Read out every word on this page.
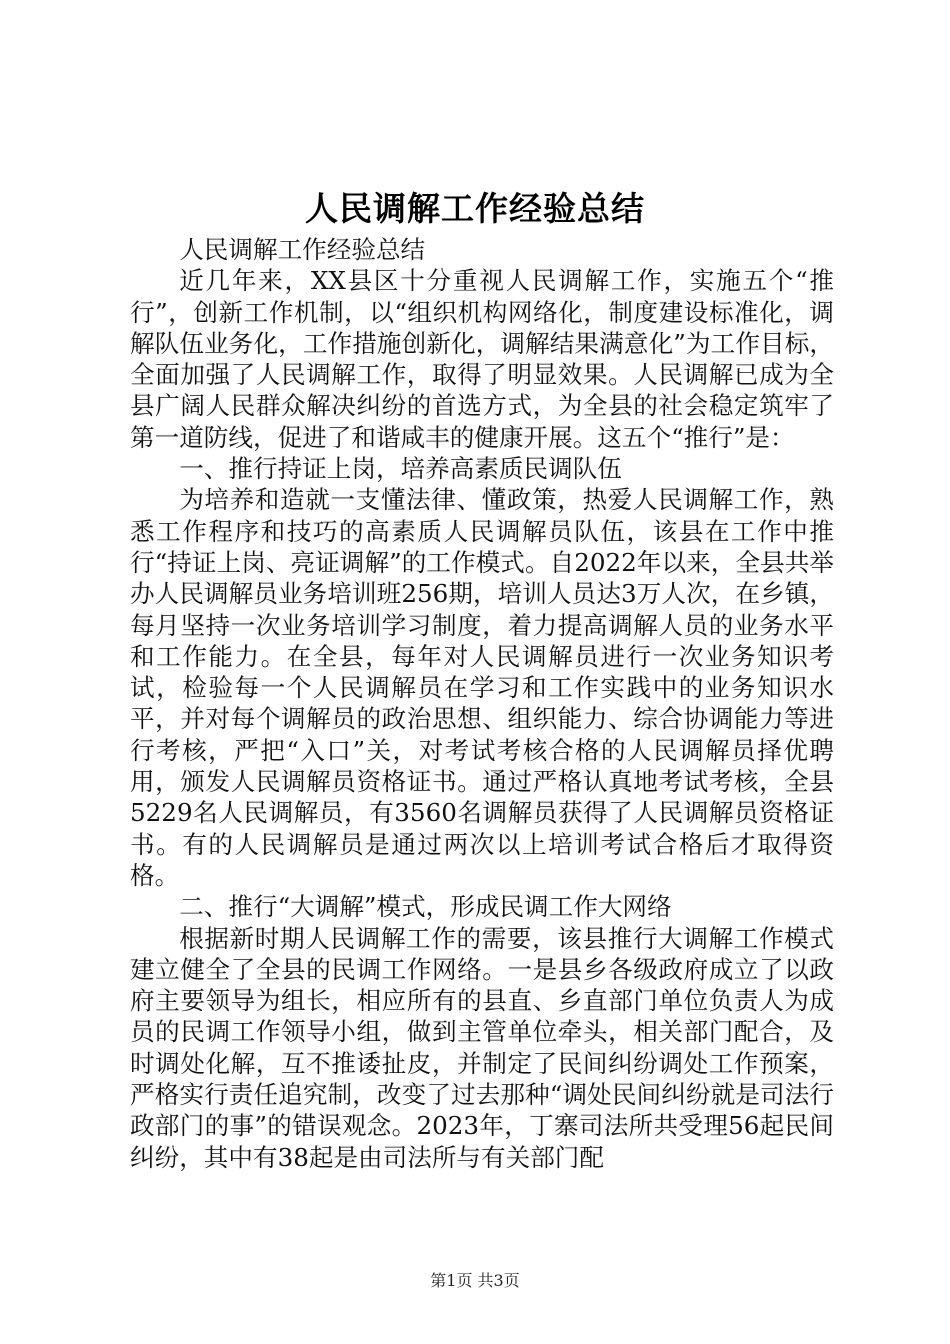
人民调解工作经验总结

人民调解工作经验总结

近几年来，XX县区十分重视人民调解工作，实施五个“推行”，创新工作机制，以“组织机构网络化，制度建设标准化，调解队伍业务化，工作措施创新化，调解结果满意化”为工作目标，全面加强了人民调解工作，取得了明显效果。人民调解已成为全县广阔人民群众解决纠纷的首选方式，为全县的社会稳定筑牢了第一道防线，促进了和谐咸丰的健康开展。这五个“推行”是：

一、推行持证上岗，培养高素质民调队伍

为培养和造就一支懂法律、懂政策，热爱人民调解工作，熟悉工作程序和技巧的高素质人民调解员队伍，该县在工作中推行“持证上岗、亮证调解”的工作模式。自2022年以来，全县共举办人民调解员业务培训班256期，培训人员达3万人次，在乡镇，每月坚持一次业务培训学习制度，着力提高调解人员的业务水平和工作能力。在全县，每年对人民调解员进行一次业务知识考试，检验每一个人民调解员在学习和工作实践中的业务知识水平，并对每个调解员的政治思想、组织能力、综合协调能力等进行考核，严把“入口”关，对考试考核合格的人民调解员择优聘用，颁发人民调解员资格证书。通过严格认真地考试考核，全县5229名人民调解员，有3560名调解员获得了人民调解员资格证书。有的人民调解员是通过两次以上培训考试合格后才取得资格。

二、推行“大调解”模式，形成民调工作大网络

根据新时期人民调解工作的需要，该县推行大调解工作模式建立健全了全县的民调工作网络。一是县乡各级政府成立了以政府主要领导为组长，相应所有的县直、乡直部门单位负责人为成员的民调工作领导小组，做到主管单位牵头，相关部门配合，及时调处化解，互不推诿扯皮，并制定了民间纠纷调处工作预案，严格实行责任追究制，改变了过去那种“调处民间纠纷就是司法行政部门的事”的错误观念。2023年，丁寨司法所共受理56起民间纠纷，其中有38起是由司法所与有关部门配

第1页 共3页
